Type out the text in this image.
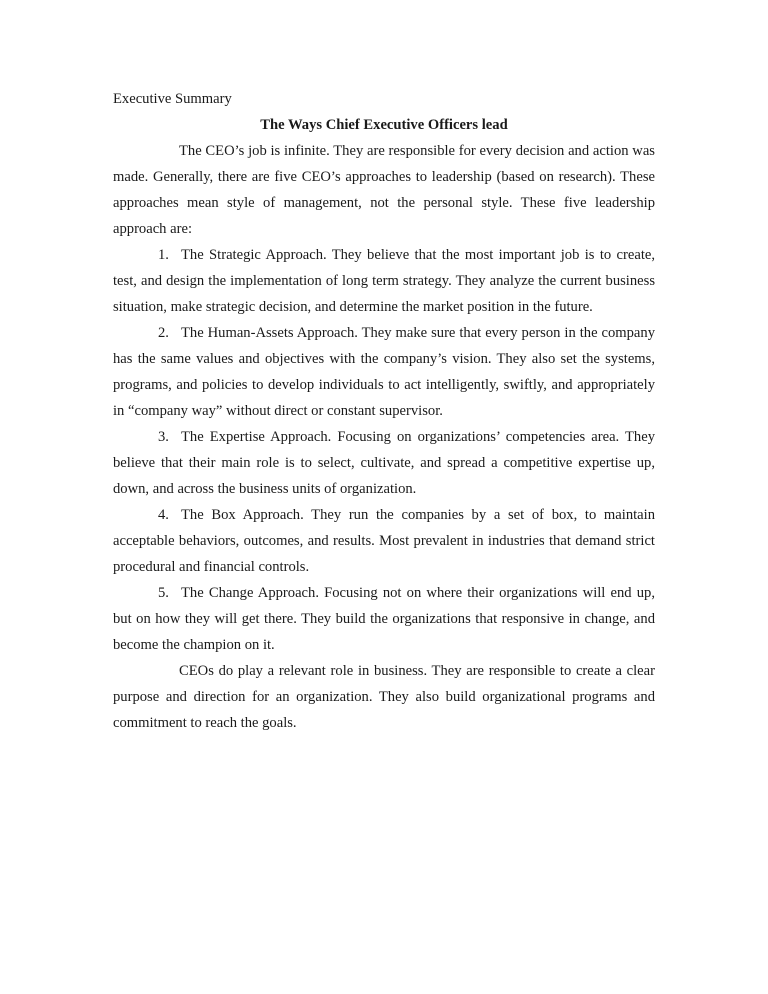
Executive Summary

The Ways Chief Executive Officers lead

The CEO’s job is infinite. They are responsible for every decision and action was made. Generally, there are five CEO’s approaches to leadership (based on research). These approaches mean style of management, not the personal style. These five leadership approach are:

1. The Strategic Approach. They believe that the most important job is to create, test, and design the implementation of long term strategy. They analyze the current business situation, make strategic decision, and determine the market position in the future.

2. The Human-Assets Approach. They make sure that every person in the company has the same values and objectives with the company’s vision. They also set the systems, programs, and policies to develop individuals to act intelligently, swiftly, and appropriately in “company way” without direct or constant supervisor.

3. The Expertise Approach. Focusing on organizations’ competencies area. They believe that their main role is to select, cultivate, and spread a competitive expertise up, down, and across the business units of organization.

4. The Box Approach. They run the companies by a set of box, to maintain acceptable behaviors, outcomes, and results. Most prevalent in industries that demand strict procedural and financial controls.

5. The Change Approach. Focusing not on where their organizations will end up, but on how they will get there. They build the organizations that responsive in change, and become the champion on it.

CEOs do play a relevant role in business. They are responsible to create a clear purpose and direction for an organization. They also build organizational programs and commitment to reach the goals.
